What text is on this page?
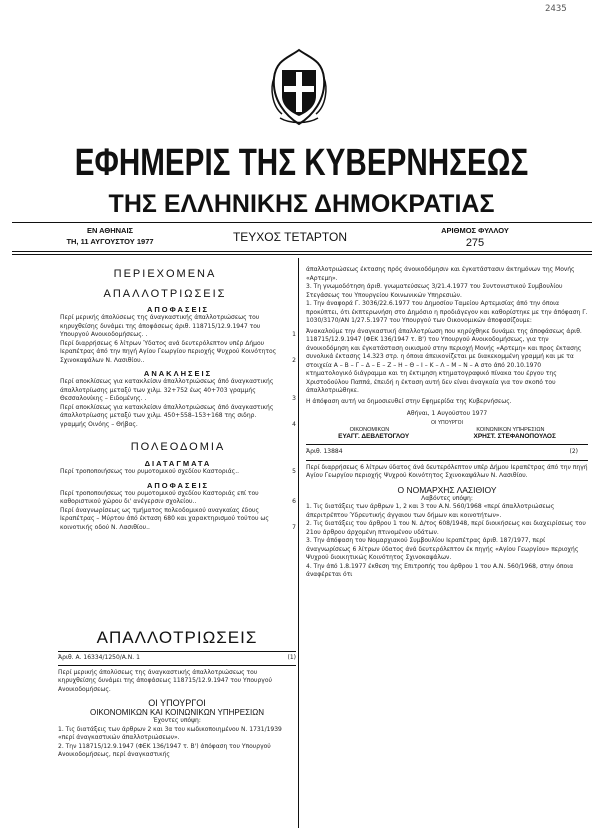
2435
ΕΦΗΜΕΡΙΣ ΤΗΣ ΚΥΒΕΡΝΗΣΕΩΣ
ΤΗΣ ΕΛΛΗΝΙΚΗΣ ΔΗΜΟΚΡΑΤΙΑΣ
ΕΝ ΑΘΗΝΑΙΣ
ΤΗ, 11 ΑΥΓΟΥΣΤΟΥ 1977	ΤΕΥΧΟΣ ΤΕΤΑΡΤΟΝ	ΑΡΙΘΜΟΣ ΦΥΛΛΟΥ
275
ΠΕΡΙΕΧΟΜΕΝΑ
ΑΠΑΛΛΟΤΡΙΩΣΕΙΣ
ΑΠΟΦΑΣΕΙΣ
Περί μερικής άπολύσεως της άναγκαστικής άπαλλοτριώσεως του κηρυχθείσης δυνάμει της άποφάσεως άριθ. 118715/12.9.1947 του Υπουργού Ανοικοδομήσεως. .	1
Περί διαρρήσεως 6 λίτρων Ύδατος ανά δευτερόλεπτον υπέρ Δήμου Ιεραπέτρας άπό την πηγή Αγίου Γεωργίου περιοχής Ψυχρού Κοινότητος Σχινοκαψάλων Ν. Λασιθίου..	2
ΑΝΑΚΛΗΣΕΙΣ
Περί αποκλίσεως για κατακλείσιν άπαλλοτριώσεως άπό άναγκαστικής άπαλλοτρίωσης μεταξύ των χιλμ. 32+752 έως 40+703 γραμμής Θεσσαλονίκης – Ειδομένης. .	3
Περί αποκλίσεως για κατακλείσιν άπαλλοτριώσεως άπό άναγκαστικής άπαλλοτρίωσης μεταξύ των χιλμ. 450+558–153+168 της σιδηρ. γραμμής Οινόης – Θήβας.	4
ΠΟΛΕΟΔΟΜΙΑ
ΔΙΑΤΑΓΜΑΤΑ
Περί τροποποιήσεως του ρυμοτομικού σχεδίου Καστοριάς..	5
ΑΠΟΦΑΣΕΙΣ
Περί τροποποιήσεως του ρυμοτομικού σχεδίου Καστοριάς επί του καθοριστικού χώρου δι' ανέγερσιν σχολείου..	6
Περί άναγνωρίσεως ως τμήματος πολεοδομικού αναγκαίας έδους Ιεραπέτρας – Μύρτου άπό έκταση 680 και χαρακτηρισμού τούτου ως κοινοτικής οδού Ν. Λασιθίου..	7
ΑΠΑΛΛΟΤΡΙΩΣΕΙΣ
Άριθ. Α. 16334/1250/Α.Ν. 1	(1)
Περί μερικής άπολύσεως της άναγκαστικής άπαλλοτριώσεως του κηρυχθείσης δυνάμει της άποφάσεως 118715/12.9.1947 του Υπουργού Ανοικοδομήσεως.
ΟΙ ΥΠΟΥΡΓΟΙ
ΟΙΚΟΝΟΜΙΚΩΝ ΚΑΙ ΚΟΙΝΩΝΙΚΩΝ ΥΠΗΡΕΣΙΩΝ
Έχοντες υπόψη:
1. Τις διατάξεις των άρθρων 2 και 3α του κωδικοποιημένου Ν. 1731/1939 «περί άναγκαστικών άπαλλοτριώσεων».
2. Την 118715/12.9.1947 (ΦΕΚ 136/1947 τ. Β') άπόφαση του Υπουργού Ανοικοδομήσεως, περί άναγκαστικής
άπαλλοτριώσεως έκτασης πρός άνοικοδόμησιν και έγκατάστασιν άκτημόνων της Μονής «Αρτεμη».
3. Τη γνωμοδότηση άριθ. γνωματεύσεως 3/21.4.1977 του Συντονιστικού Συμβουλίου Στεγάσεως του Υπουργείου Κοινωνικών Υπηρεσιών.
1. Την άναφορά Γ. 3036/22.6.1977 του Δημοσίου Ταμείου Αρτεμισίας άπό την όποια προκύπτει, ότι έκπτερωνήση στο Δημόσιο η προδιάγεγον και καθορίστηκε με την άπόφαση Γ. 1030/3170/ΑΝ 1/27.5.1977 του Υπουργού των Οικονομικών άποφασίζουμε:
Άνακαλούμε την άναγκαστική άπαλλοτρίωση που κηρύχθηκε δυνάμει της άποφάσεως άριθ. 118715/12.9.1947 (ΦΕΚ 136/1947 τ. Β') του Υπουργού Ανοικοδομήσεως, για την άνοικοδόμηση και έγκατάσταση οικισμού στην περιοχή Μονής «Αρτεμη» και προς έκτασης συνολικά έκτασης 14.323 στρ. η όποια άπεικονίζεται με διακεκομμένη γραμμή και με τα στοιχεία Α – Β – Γ – Δ – Ε – Ζ – Η – Θ – Ι – Κ – Λ – Μ – Ν – Α στο άπό 20.10.1970 κτηματολογικό διάγραμμα και τη έκτιμηση κτηματογραφικό πίνακα του έργου της Χριστοδούλου Παππά, έπειδή η έκταση αυτή δεν είναι άναγκαία για τον σκοπό του άπαλλοτριώθηκε.
Η άπόφαση αυτή να δημοσιευθεί στην Εφημερίδα της Κυβερνήσεως.
Αθήναι, 1 Αυγούστου 1977
ΟΙ ΥΠΟΥΡΓΟΙ
ΟΙΚΟΝΟΜΙΚΩΝ	ΚΟΙΝΩΝΙΚΩΝ ΥΠΗΡΕΣΙΩΝ
ΕΥΑΓΓ. ΔΕΒΛΕΤΟΓΛΟΥ	ΧΡΗΣΤ. ΣΤΕΦΑΝΟΠΟΥΛΟΣ
Άριθ. 13884	(2)
Περί διαρρήσεως 6 λίτρων ύδατος άνά δευτερόλεπτον υπέρ Δήμου Ιεραπέτρας άπό την πηγή Αγίου Γεωργίου περιοχής Ψυχρού Κοινότητος Σχινοκαψάλων Ν. Λασιθίου.
Ο ΝΟΜΑΡΧΗΣ ΛΑΣΙΘΙΟΥ
Λαβόντες υπόψη:
1. Τις διατάξεις των άρθρων 1, 2 και 3 του Α.Ν. 560/1968 «περί άπαλλοτριώσεως άπεριτρέπτου Ύδρευτικής άγγαιου των δήμων και κοινοτήτων».
2. Τις διατάξεις του άρθρου 1 του Ν. Δ/τος 608/1948, περί διοικήσεως και διαχειρίσεως του 21ου άρθρου άρχομένη πτινομένου υδάτων.
3. Την άπόφαση του Νομαρχιακού Συμβουλίου Ιεραπέτρας άριθ. 187/1977, περί άναγνωρίσεως 6 λίτρων ύδατος άνά δευτερόλεπτον έκ πηγής «Αγίου Γεωργίου» περιοχής Ψυχρού διοικητικώς Κοινότητος Σχινοκαψάλων.
4. Την άπό 1.8.1977 έκθεση της Επιτροπής του άρθρου 1 του Α.Ν. 560/1968, στην όποια άναφέρεται ότι
